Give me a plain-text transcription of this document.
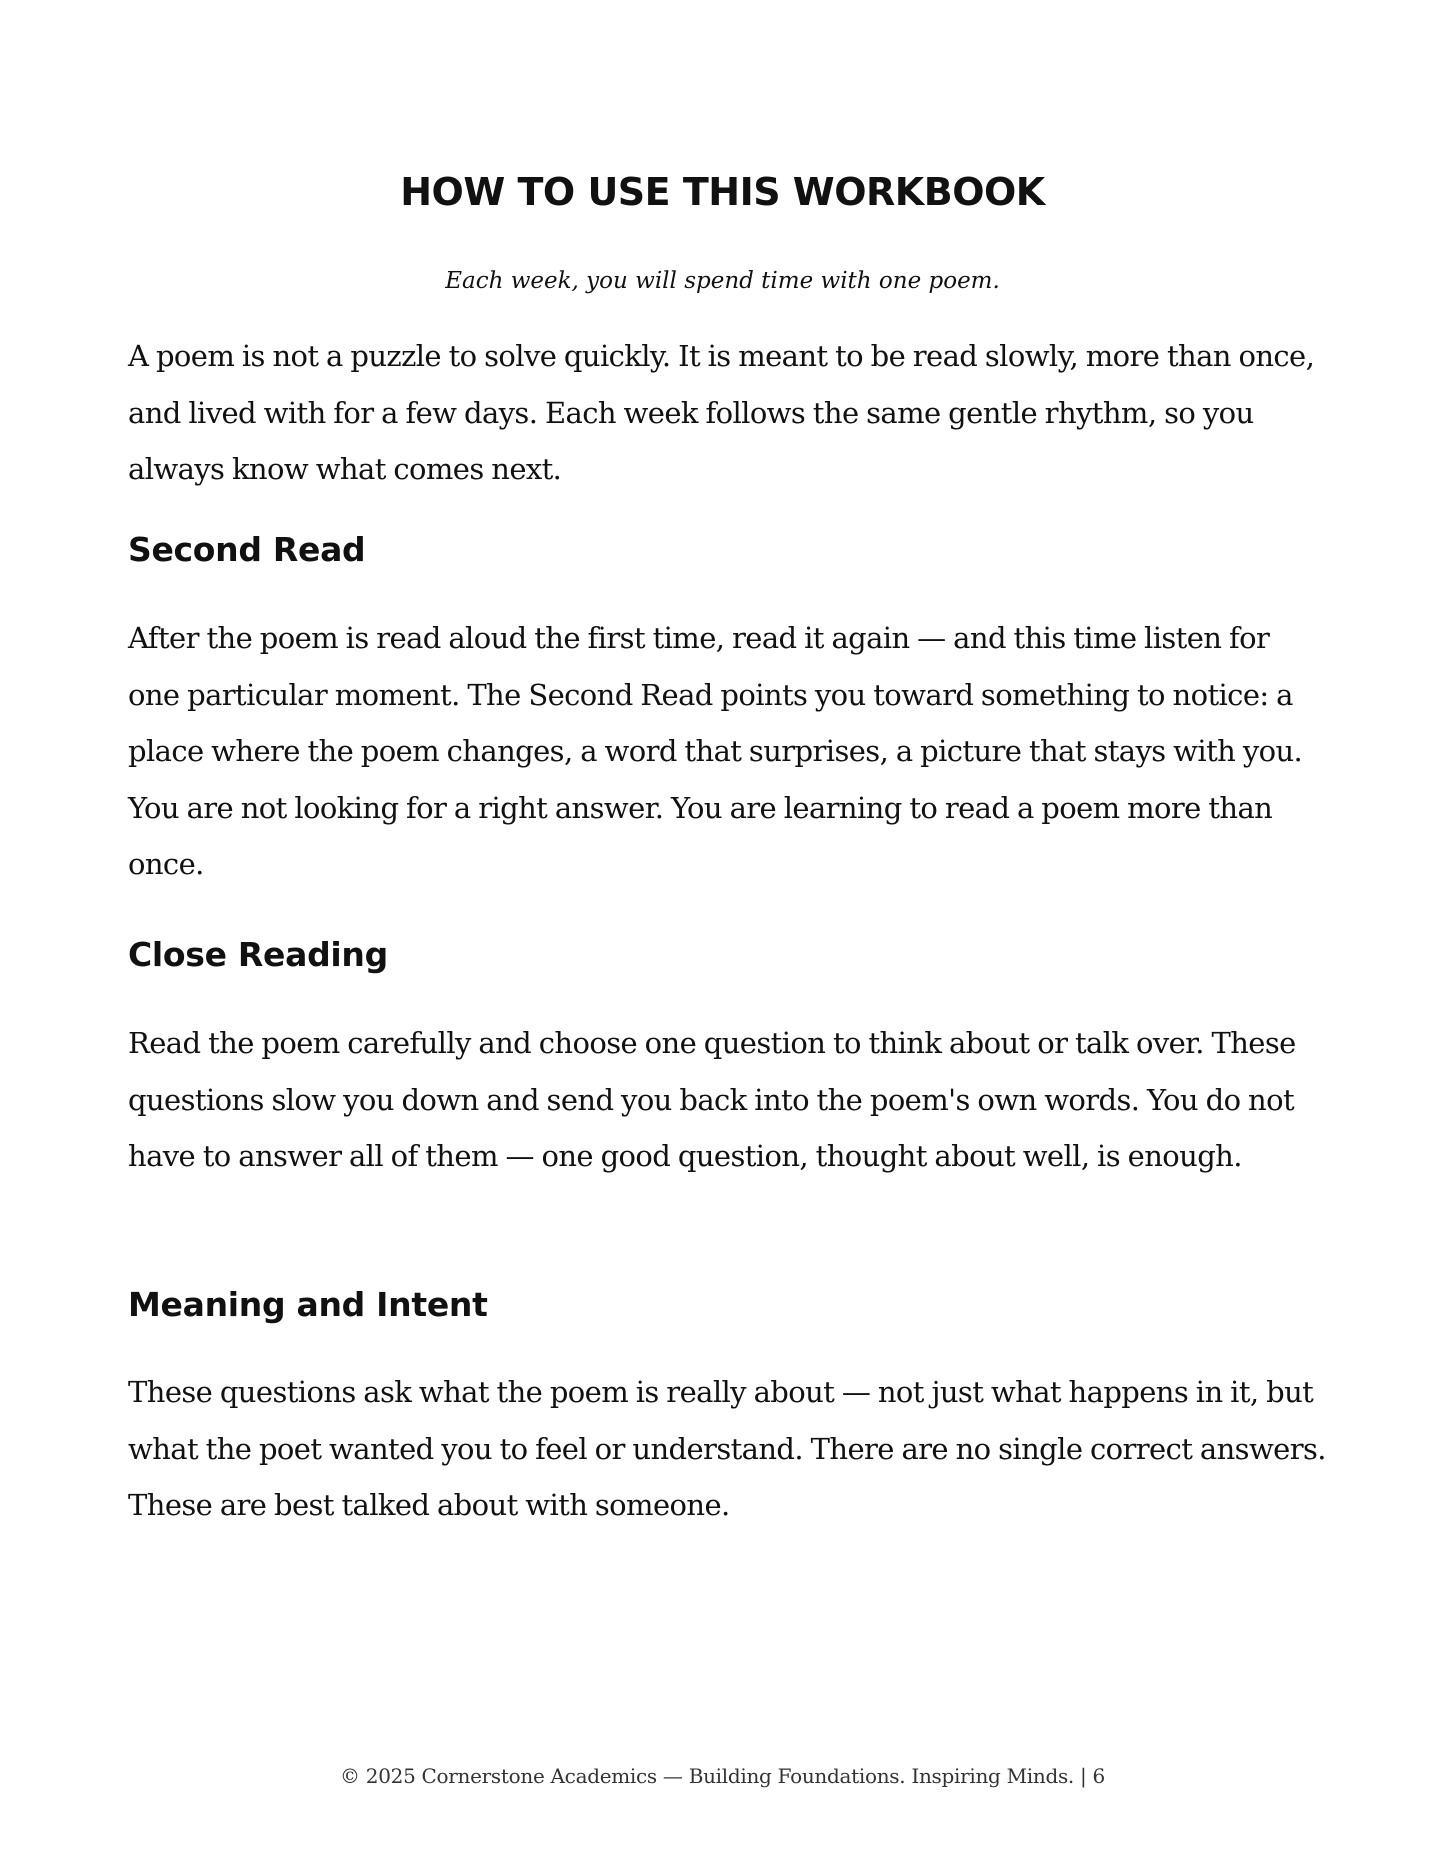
HOW TO USE THIS WORKBOOK

Each week, you will spend time with one poem.

A poem is not a puzzle to solve quickly. It is meant to be read slowly, more than once, and lived with for a few days. Each week follows the same gentle rhythm, so you always know what comes next.

Second Read

After the poem is read aloud the first time, read it again — and this time listen for one particular moment. The Second Read points you toward something to notice: a place where the poem changes, a word that surprises, a picture that stays with you. You are not looking for a right answer. You are learning to read a poem more than once.

Close Reading

Read the poem carefully and choose one question to think about or talk over. These questions slow you down and send you back into the poem's own words. You do not have to answer all of them — one good question, thought about well, is enough.

Meaning and Intent

These questions ask what the poem is really about — not just what happens in it, but what the poet wanted you to feel or understand. There are no single correct answers. These are best talked about with someone.

© 2025 Cornerstone Academics — Building Foundations. Inspiring Minds. | 6
